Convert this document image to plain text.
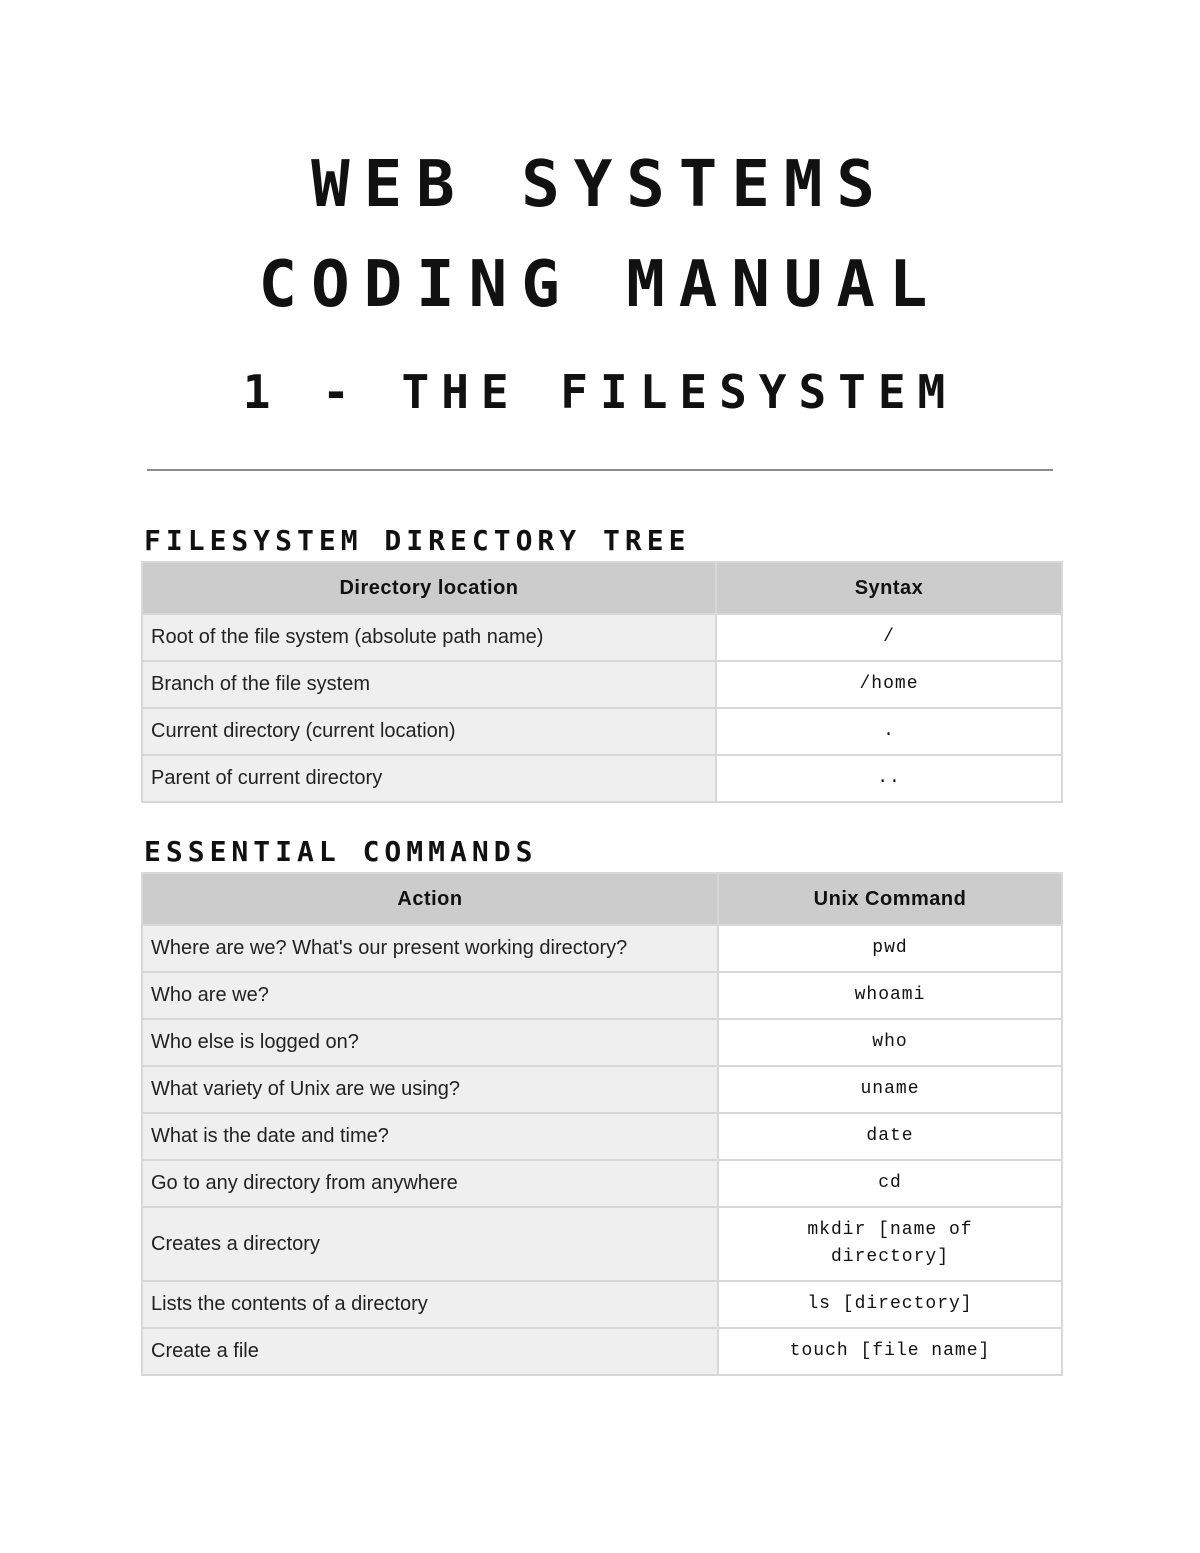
WEB SYSTEMS
CODING MANUAL
1 - THE FILESYSTEM
FILESYSTEM DIRECTORY TREE
Directory location	Syntax
Root of the file system (absolute path name)	/
Branch of the file system	/home
Current directory (current location)	.
Parent of current directory	..
ESSENTIAL COMMANDS
Action	Unix Command
Where are we? What's our present working directory?	pwd
Who are we?	whoami
Who else is logged on?	who
What variety of Unix are we using?	uname
What is the date and time?	date
Go to any directory from anywhere	cd
Creates a directory	mkdir [name of directory]
Lists the contents of a directory	ls [directory]
Create a file	touch [file name]
